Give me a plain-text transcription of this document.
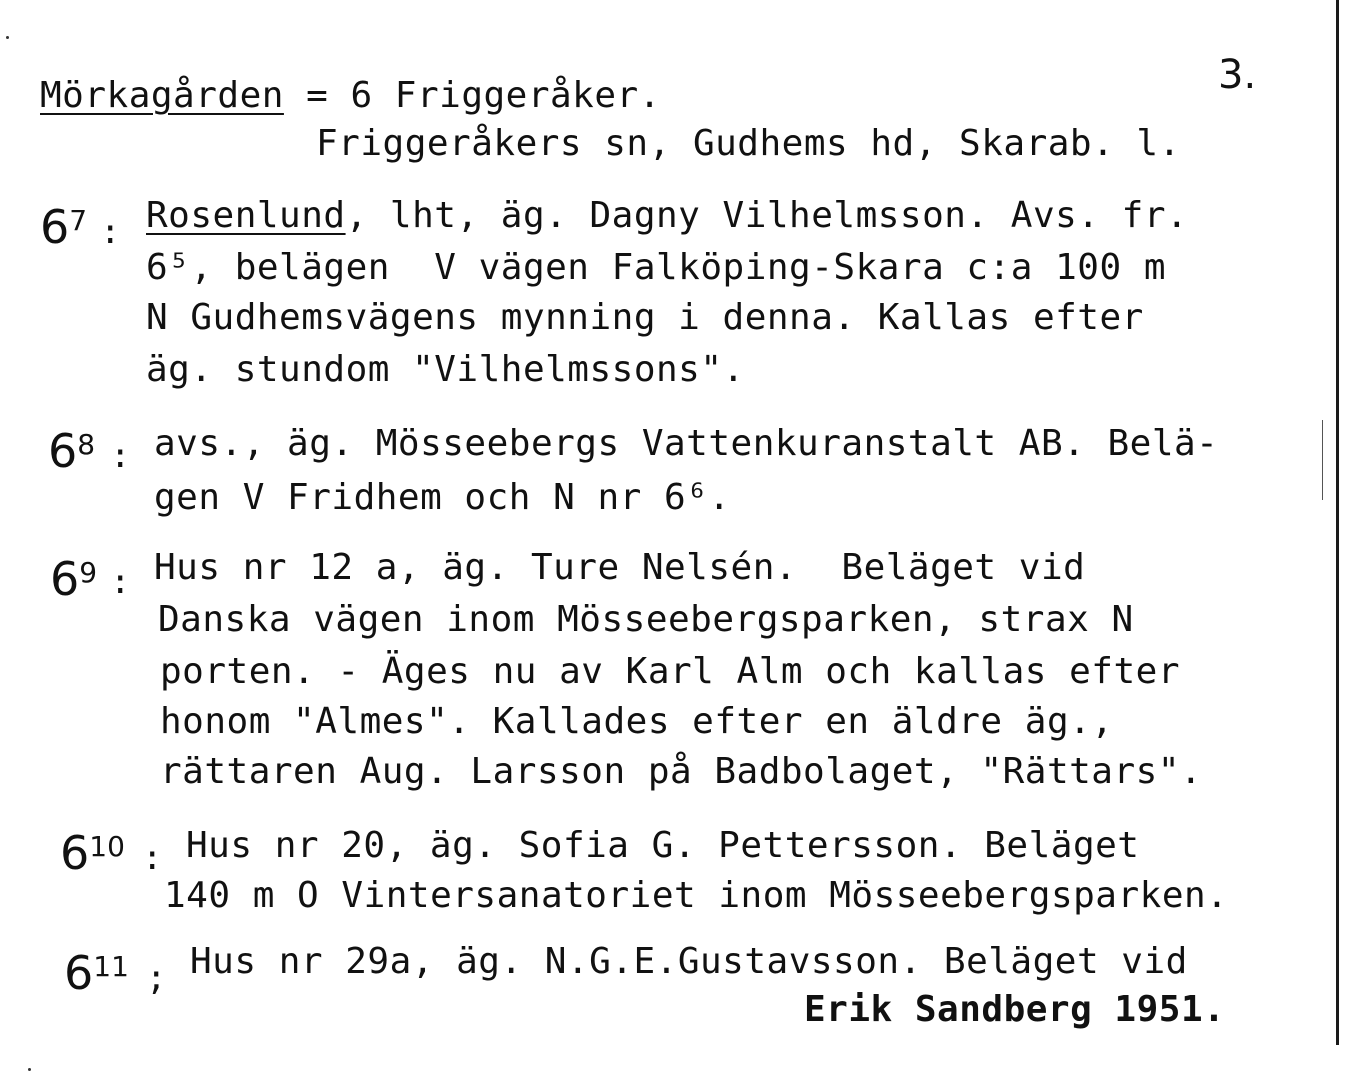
Mörkagården = 6 Friggeråker.	3.
Friggeråkers sn, Gudhems hd, Skarab. l.
$6^7$ : Rosenlund, lht, äg. Dagny Vilhelmsson. Avs. fr.
6⁵, belägen  V vägen Falköping-Skara c:a 100 m
N Gudhemsvägens mynning i denna. Kallas efter
äg. stundom "Vilhelmssons".
$6^8$ : avs., äg. Mösseebergs Vattenkuranstalt AB. Belä-
gen V Fridhem och N nr 6⁶.
$6^9$ : Hus nr 12 a, äg. Ture Nelsén.  Beläget vid
Danska vägen inom Mösseebergsparken, strax N
porten. - Äges nu av Karl Alm och kallas efter
honom "Almes". Kallades efter en äldre äg.,
rättaren Aug. Larsson på Badbolaget, "Rättars".
$6^{10}$ : Hus nr 20, äg. Sofia G. Pettersson. Beläget
140 m O Vintersanatoriet inom Mösseebergsparken.
$6^{11}$ ; Hus nr 29a, äg. N.G.E.Gustavsson. Beläget vid
Erik Sandberg 1951.
